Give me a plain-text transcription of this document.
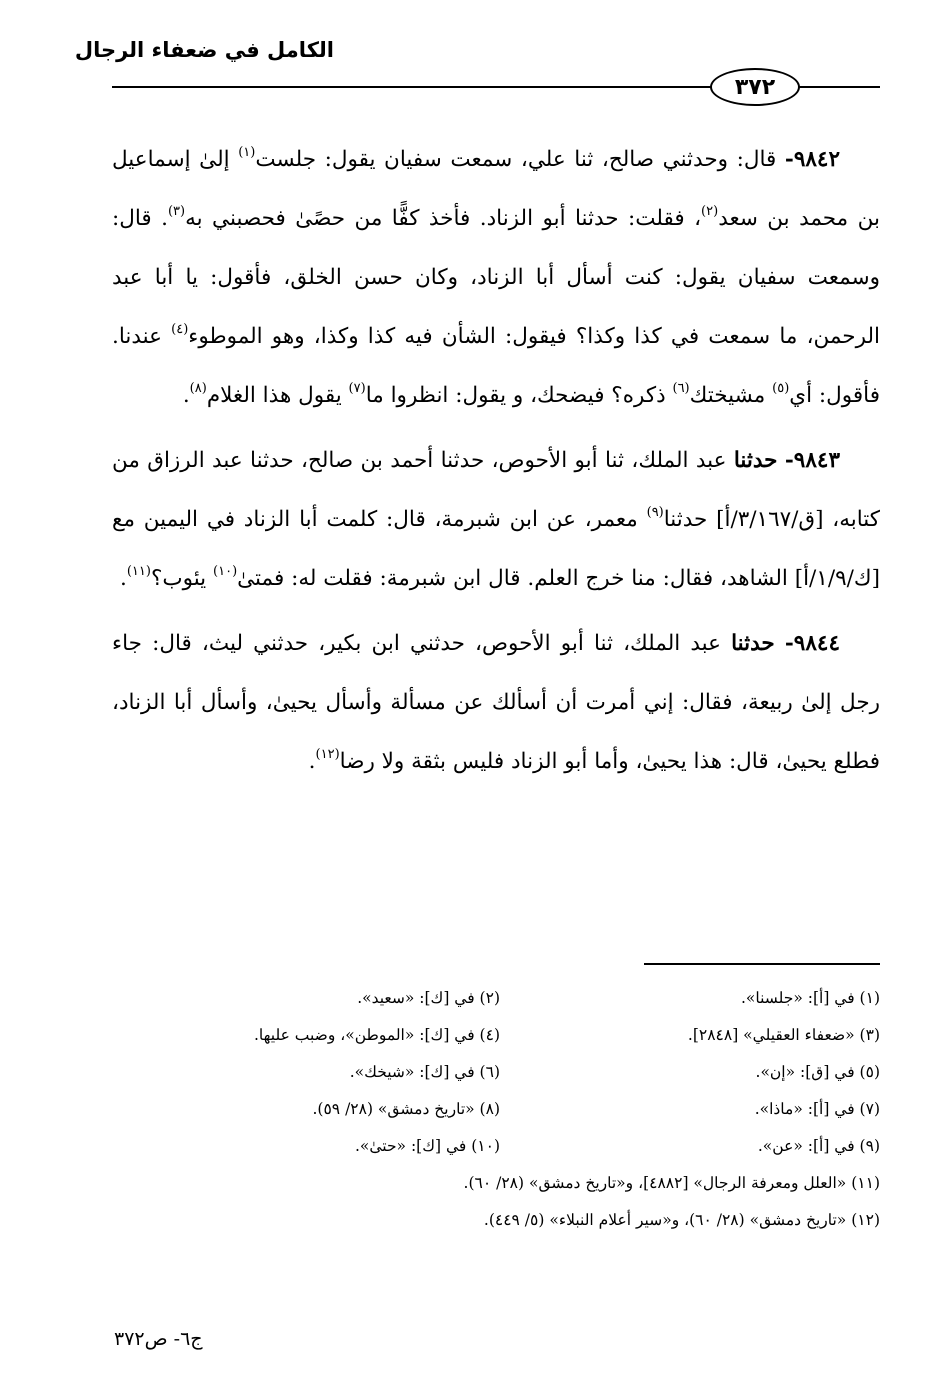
الكامل في ضعفاء الرجال
٣٧٢

٩٨٤٢- قال: وحدثني صالح، ثنا علي، سمعت سفيان يقول: جلست$^{(١)}$ إلىٰ إسماعيل بن محمد بن سعد$^{(٢)}$، فقلت: حدثنا أبو الزناد. فأخذ كفًّا من حصًىٰ فحصبني به$^{(٣)}$. قال: وسمعت سفيان يقول: كنت أسأل أبا الزناد، وكان حسن الخلق، فأقول: يا أبا عبد الرحمن، ما سمعت في كذا وكذا؟ فيقول: الشأن فيه كذا وكذا، وهو الموطوء$^{(٤)}$ عندنا. فأقول: أي$^{(٥)}$ مشيختك$^{(٦)}$ ذكره؟ فيضحك، و يقول: انظروا ما$^{(٧)}$ يقول هذا الغلام$^{(٨)}$.

٩٨٤٣- حدثنا عبد الملك، ثنا أبو الأحوص، حدثنا أحمد بن صالح، حدثنا عبد الرزاق من كتابه، [ق/٣/١٦٧/أ] حدثنا$^{(٩)}$ معمر، عن ابن شبرمة، قال: كلمت أبا الزناد في اليمين مع [ك/١/٩/أ] الشاهد، فقال: منا خرج العلم. قال ابن شبرمة: فقلت له: فمتىٰ$^{(١٠)}$ يئوب؟$^{(١١)}$.

٩٨٤٤- حدثنا عبد الملك، ثنا أبو الأحوص، حدثني ابن بكير، حدثني ليث، قال: جاء رجل إلىٰ ربيعة، فقال: إني أمرت أن أسألك عن مسألة وأسأل يحيىٰ، وأسأل أبا الزناد، فطلع يحيىٰ، قال: هذا يحيىٰ، وأما أبو الزناد فليس بثقة ولا رضا$^{(١٢)}$.

(١) في [أ]: «جلسنا».
(٢) في [ك]: «سعيد».
(٣) «ضعفاء العقيلي» [٢٨٤٨].
(٤) في [ك]: «الموطن»، وضبب عليها.
(٥) في [ق]: «إن».
(٦) في [ك]: «شيخك».
(٧) في [أ]: «ماذا».
(٨) «تاريخ دمشق» (٢٨/ ٥٩).
(٩) في [أ]: «عن».
(١٠) في [ك]: «حتىٰ».
(١١) «العلل ومعرفة الرجال» [٤٨٨٢]، و«تاريخ دمشق» (٢٨/ ٦٠).
(١٢) «تاريخ دمشق» (٢٨/ ٦٠)، و«سير أعلام النبلاء» (٥/ ٤٤٩).
ج٦- ص٣٧٢
